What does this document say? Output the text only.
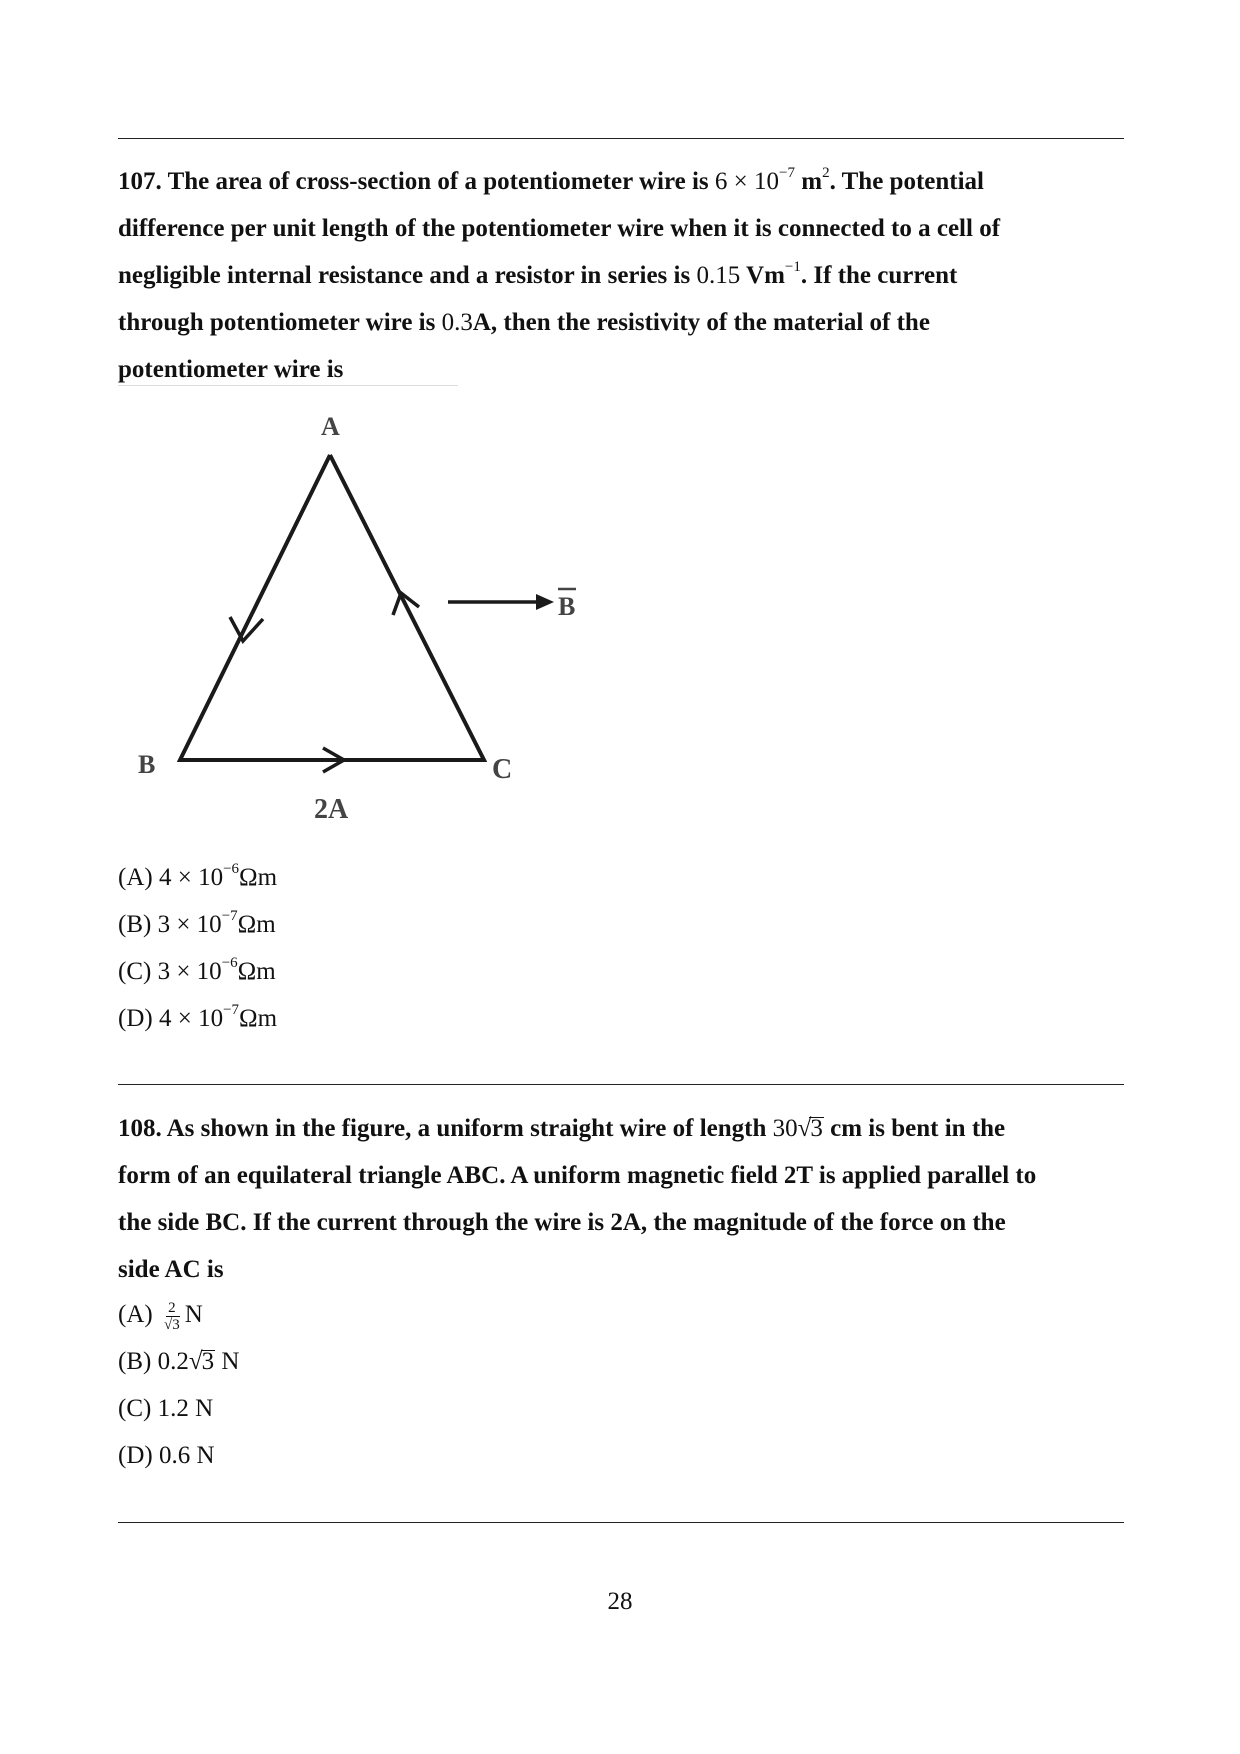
107. The area of cross-section of a potentiometer wire is $6 \times 10^{-7}$ $m^2$. The potential
difference per unit length of the potentiometer wire when it is connected to a cell of
negligible internal resistance and a resistor in series is 0.15 $Vm^{-1}$. If the current
through potentiometer wire is 0.3A, then the resistivity of the material of the
potentiometer wire is
A
B	C
B
2A
(A) $4 \times 10^{-6}\Omega m$
(B) $3 \times 10^{-7}\Omega m$
(C) $3 \times 10^{-6}\Omega m$
(D) $4 \times 10^{-7}\Omega m$
108. As shown in the figure, a uniform straight wire of length 30√3 cm is bent in the
form of an equilateral triangle ABC. A uniform magnetic field 2T is applied parallel to
the side BC. If the current through the wire is 2A, the magnitude of the force on the
side AC is
$(A) \frac{2}{√3}$ N
(B) 0.2√3 N
(C) 1.2 N
(D) 0.6 N
28
